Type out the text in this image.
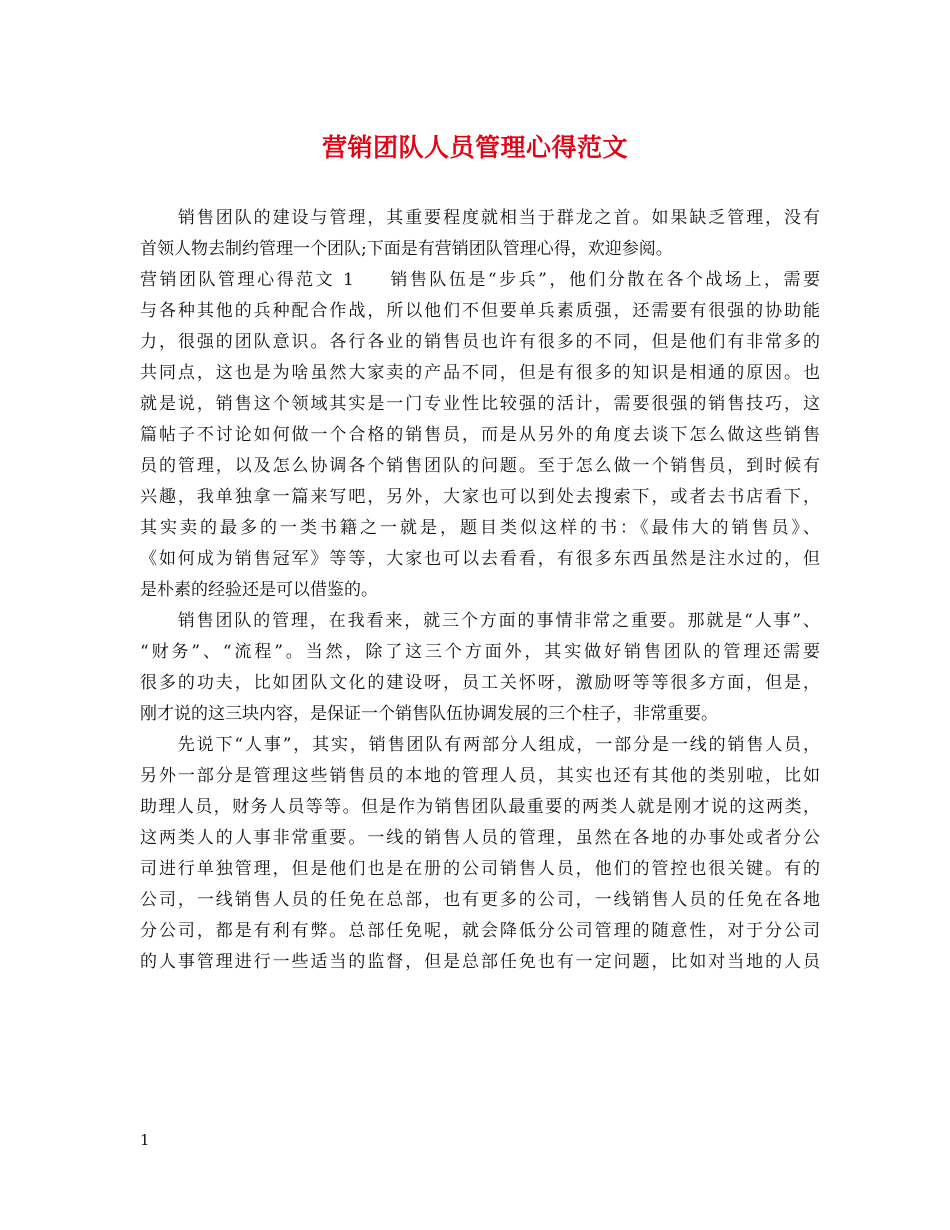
营销团队人员管理心得范文
　　销售团队的建设与管理，其重要程度就相当于群龙之首。如果缺乏管理，没有
首领人物去制约管理一个团队;下面是有营销团队管理心得，欢迎参阅。
营销团队管理心得范文 1 销售队伍是“步兵”，他们分散在各个战场上，需要
与各种其他的兵种配合作战，所以他们不但要单兵素质强，还需要有很强的协助能
力，很强的团队意识。各行各业的销售员也许有很多的不同，但是他们有非常多的
共同点，这也是为啥虽然大家卖的产品不同，但是有很多的知识是相通的原因。也
就是说，销售这个领域其实是一门专业性比较强的活计，需要很强的销售技巧，这
篇帖子不讨论如何做一个合格的销售员，而是从另外的角度去谈下怎么做这些销售
员的管理，以及怎么协调各个销售团队的问题。至于怎么做一个销售员，到时候有
兴趣，我单独拿一篇来写吧，另外，大家也可以到处去搜索下，或者去书店看下，
其实卖的最多的一类书籍之一就是，题目类似这样的书：《最伟大的销售员》、
《如何成为销售冠军》等等，大家也可以去看看，有很多东西虽然是注水过的，但
是朴素的经验还是可以借鉴的。
　　销售团队的管理，在我看来，就三个方面的事情非常之重要。那就是“人事”、
“财务”、“流程”。当然，除了这三个方面外，其实做好销售团队的管理还需要
很多的功夫，比如团队文化的建设呀，员工关怀呀，激励呀等等很多方面，但是，
刚才说的这三块内容，是保证一个销售队伍协调发展的三个柱子，非常重要。
　　先说下“人事”，其实，销售团队有两部分人组成，一部分是一线的销售人员，
另外一部分是管理这些销售员的本地的管理人员，其实也还有其他的类别啦，比如
助理人员，财务人员等等。但是作为销售团队最重要的两类人就是刚才说的这两类，
这两类人的人事非常重要。一线的销售人员的管理，虽然在各地的办事处或者分公
司进行单独管理，但是他们也是在册的公司销售人员，他们的管控也很关键。有的
公司，一线销售人员的任免在总部，也有更多的公司，一线销售人员的任免在各地
分公司，都是有利有弊。总部任免呢，就会降低分公司管理的随意性，对于分公司
的人事管理进行一些适当的监督，但是总部任免也有一定问题，比如对当地的人员
1
